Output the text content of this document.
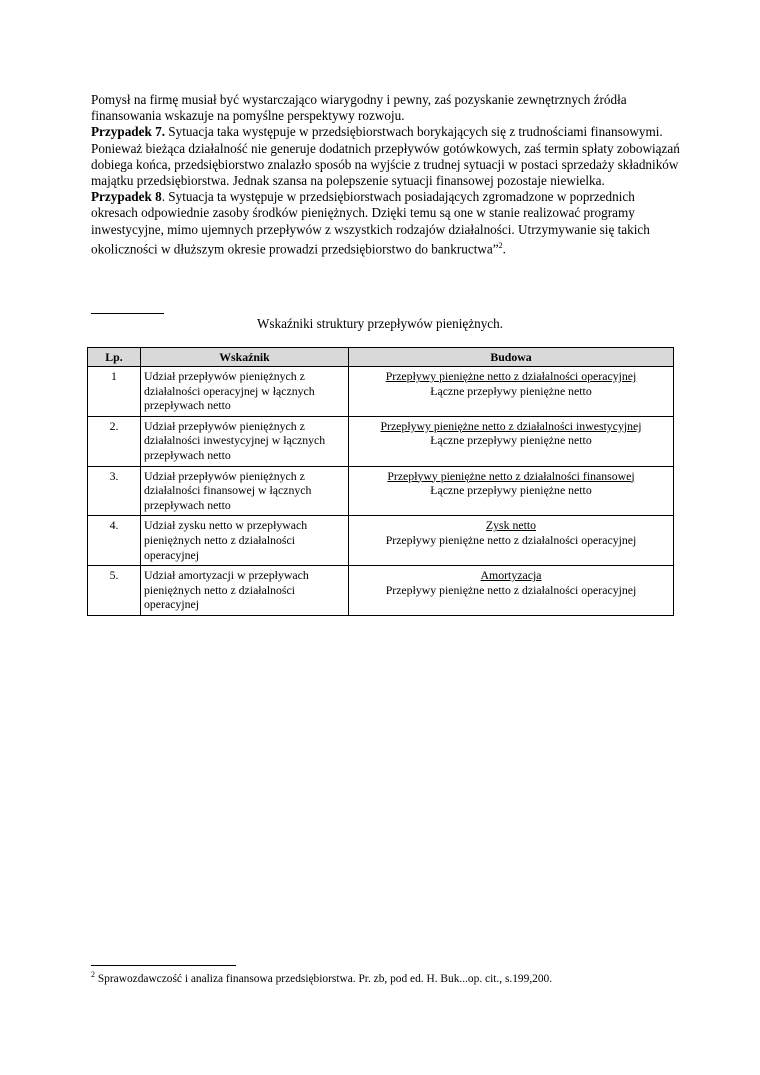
Pomysł na firmę musiał być wystarczająco wiarygodny i pewny, zaś pozyskanie zewnętrznych źródła finansowania wskazuje na pomyślne perspektywy rozwoju.

Przypadek 7. Sytuacja taka występuje w przedsiębiorstwach borykających się z trudnościami finansowymi. Ponieważ bieżąca działalność nie generuje dodatnich przepływów gotówkowych, zaś termin spłaty zobowiązań dobiega końca, przedsiębiorstwo znalazło sposób na wyjście z trudnej sytuacji w postaci sprzedaży składników majątku przedsiębiorstwa. Jednak szansa na polepszenie sytuacji finansowej pozostaje niewielka.

Przypadek 8. Sytuacja ta występuje w przedsiębiorstwach posiadających zgromadzone w poprzednich okresach odpowiednie zasoby środków pieniężnych. Dzięki temu są one w stanie realizować programy inwestycyjne, mimo ujemnych przepływów z wszystkich rodzajów działalności. Utrzymywanie się takich okoliczności w dłuższym okresie prowadzi przedsiębiorstwo do bankructwa”$^2$.

Wskaźniki struktury przepływów pieniężnych.
Lp.	Wskaźnik	Budowa
1	Udział przepływów pieniężnych z działalności operacyjnej w łącznych przepływach netto	Przepływy pieniężne netto z działalności operacyjnej
Łączne przepływy pieniężne netto

2.	Udział przepływów pieniężnych z działalności inwestycyjnej w łącznych przepływach netto	Przepływy pieniężne netto z działalności inwestycyjnej
Łączne przepływy pieniężne netto

3.	Udział przepływów pieniężnych z działalności finansowej w łącznych przepływach netto	Przepływy pieniężne netto z działalności finansowej
Łączne przepływy pieniężne netto

4.	Udział zysku netto w przepływach pieniężnych netto z działalności operacyjnej	Zysk netto
Przepływy pieniężne netto z działalności operacyjnej

5.	Udział amortyzacji w przepływach pieniężnych netto z działalności operacyjnej	Amortyzacja
Przepływy pieniężne netto z działalności operacyjnej
$^2$ Sprawozdawczość i analiza finansowa przedsiębiorstwa. Pr. zb, pod ed. H. Buk...op. cit., s.199,200.
